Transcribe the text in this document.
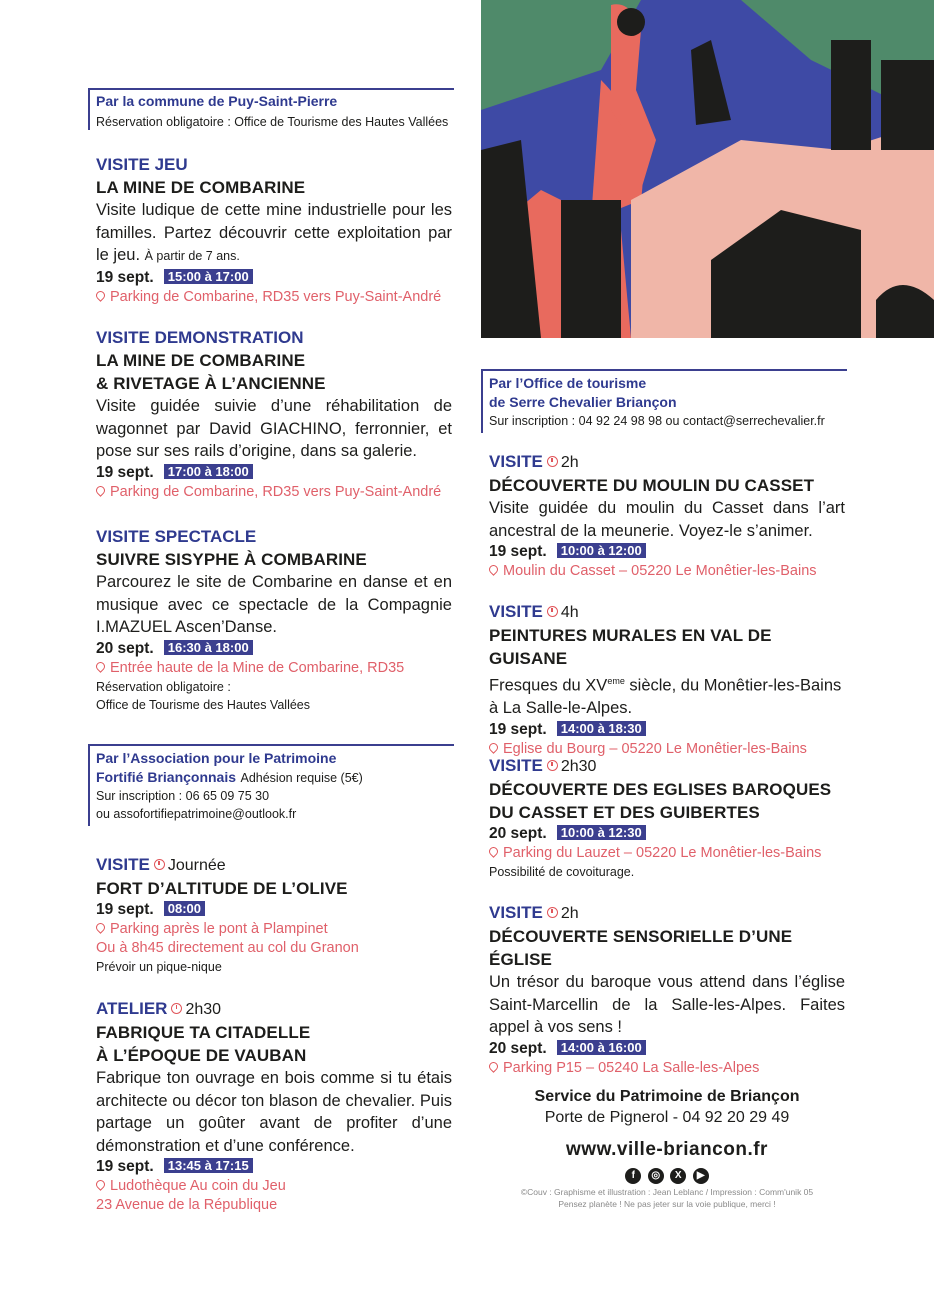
Par la commune de Puy-Saint-Pierre
Réservation obligatoire : Office de Tourisme des Hautes Vallées
VISITE JEU
LA MINE DE COMBARINE
Visite ludique de cette mine industrielle pour les familles. Partez découvrir cette exploitation par le jeu. À partir de 7 ans.
19 sept. 15:00 à 17:00
Parking de Combarine, RD35 vers Puy-Saint-André
VISITE DEMONSTRATION
LA MINE DE COMBARINE
& RIVETAGE À L’ANCIENNE
Visite guidée suivie d’une réhabilitation de wagonnet par David GIACHINO, ferronnier, et pose sur ses rails d’origine, dans sa galerie.
19 sept. 17:00 à 18:00
Parking de Combarine, RD35 vers Puy-Saint-André
VISITE SPECTACLE
SUIVRE SISYPHE À COMBARINE
Parcourez le site de Combarine en danse et en musique avec ce spectacle de la Compagnie I.MAZUEL Ascen’Danse.
20 sept. 16:30 à 18:00
Entrée haute de la Mine de Combarine, RD35
Réservation obligatoire :
Office de Tourisme des Hautes Vallées
Par l’Association pour le Patrimoine
Fortifié Briançonnais Adhésion requise (5€)
Sur inscription : 06 65 09 75 30
ou assofortifiepatrimoine@outlook.fr
VISITE Journée
FORT D’ALTITUDE DE L’OLIVE
19 sept. 08:00
Parking après le pont à Plampinet
Ou à 8h45 directement au col du Granon
Prévoir un pique-nique
ATELIER 2h30
FABRIQUE TA CITADELLE
À L’ÉPOQUE DE VAUBAN
Fabrique ton ouvrage en bois comme si tu étais architecte ou décor ton blason de chevalier. Puis partage un goûter avant de profiter d’une démonstration et d’une conférence.
19 sept. 13:45 à 17:15
Ludothèque Au coin du Jeu
23 Avenue de la République
Par l’Office de tourisme
de Serre Chevalier Briançon
Sur inscription : 04 92 24 98 98 ou contact@serrechevalier.fr
VISITE 2h
DÉCOUVERTE DU MOULIN DU CASSET
Visite guidée du moulin du Casset dans l’art ancestral de la meunerie. Voyez-le s’animer.
19 sept. 10:00 à 12:00
Moulin du Casset – 05220 Le Monêtier-les-Bains
VISITE 4h
PEINTURES MURALES EN VAL DE GUISANE
Fresques du XVeme siècle, du Monêtier-les-Bains à La Salle-le-Alpes.
19 sept. 14:00 à 18:30
Eglise du Bourg – 05220 Le Monêtier-les-Bains
VISITE 2h30
DÉCOUVERTE DES EGLISES BAROQUES
DU CASSET ET DES GUIBERTES
20 sept. 10:00 à 12:30
Parking du Lauzet – 05220 Le Monêtier-les-Bains
Possibilité de covoiturage.
VISITE 2h
DÉCOUVERTE SENSORIELLE D’UNE ÉGLISE
Un trésor du baroque vous attend dans l’église Saint-Marcellin de la Salle-les-Alpes. Faites appel à vos sens !
20 sept. 14:00 à 16:00
Parking P15 – 05240 La Salle-les-Alpes
Service du Patrimoine de Briançon
Porte de Pignerol - 04 92 20 29 49
www.ville-briancon.fr
f ◎ X ▶
©Couv : Graphisme et illustration : Jean Leblanc / Impression : Comm'unik 05
Pensez planète ! Ne pas jeter sur la voie publique, merci !
